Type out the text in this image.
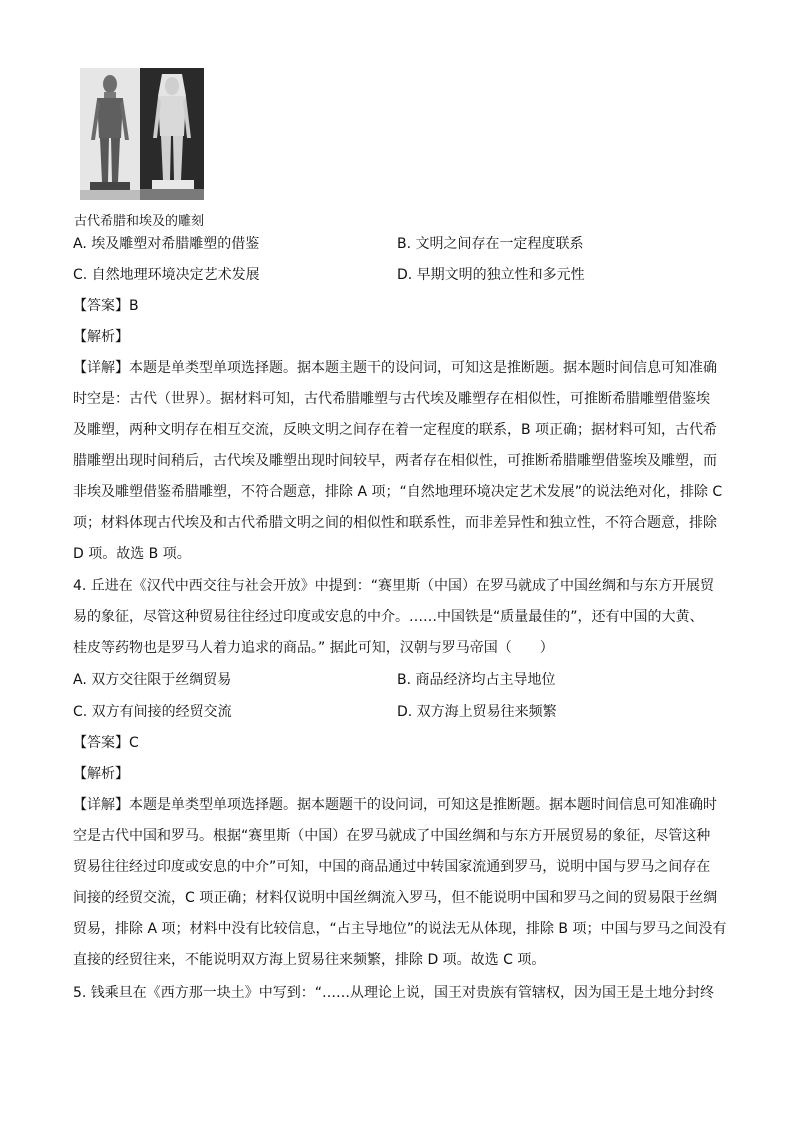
古代希腊和埃及的雕刻
A. 埃及雕塑对希腊雕塑的借鉴	B. 文明之间存在一定程度联系
C. 自然地理环境决定艺术发展	D. 早期文明的独立性和多元性
【答案】B
【解析】
【详解】本题是单类型单项选择题。据本题主题干的设问词，可知这是推断题。据本题时间信息可知准确
时空是：古代（世界）。据材料可知，古代希腊雕塑与古代埃及雕塑存在相似性，可推断希腊雕塑借鉴埃
及雕塑，两种文明存在相互交流，反映文明之间存在着一定程度的联系，B 项正确；据材料可知，古代希
腊雕塑出现时间稍后，古代埃及雕塑出现时间较早，两者存在相似性，可推断希腊雕塑借鉴埃及雕塑，而
非埃及雕塑借鉴希腊雕塑，不符合题意，排除 A 项；“自然地理环境决定艺术发展”的说法绝对化，排除 C
项；材料体现古代埃及和古代希腊文明之间的相似性和联系性，而非差异性和独立性，不符合题意，排除
D 项。故选 B 项。
4. 丘进在《汉代中西交往与社会开放》中提到：“赛里斯（中国）在罗马就成了中国丝绸和与东方开展贸
易的象征，尽管这种贸易往往经过印度或安息的中介。……中国铁是“质量最佳的”，还有中国的大黄、
桂皮等药物也是罗马人着力追求的商品。” 据此可知，汉朝与罗马帝国（　　）
A. 双方交往限于丝绸贸易	B. 商品经济均占主导地位
C. 双方有间接的经贸交流	D. 双方海上贸易往来频繁
【答案】C
【解析】
【详解】本题是单类型单项选择题。据本题题干的设问词，可知这是推断题。据本题时间信息可知准确时
空是古代中国和罗马。根据“赛里斯（中国）在罗马就成了中国丝绸和与东方开展贸易的象征，尽管这种
贸易往往经过印度或安息的中介”可知，中国的商品通过中转国家流通到罗马，说明中国与罗马之间存在
间接的经贸交流，C 项正确；材料仅说明中国丝绸流入罗马，但不能说明中国和罗马之间的贸易限于丝绸
贸易，排除 A 项；材料中没有比较信息，“占主导地位”的说法无从体现，排除 B 项；中国与罗马之间没有
直接的经贸往来，不能说明双方海上贸易往来频繁，排除 D 项。故选 C 项。
5. 钱乘旦在《西方那一块土》中写到：“……从理论上说，国王对贵族有管辖权，因为国王是土地分封终
